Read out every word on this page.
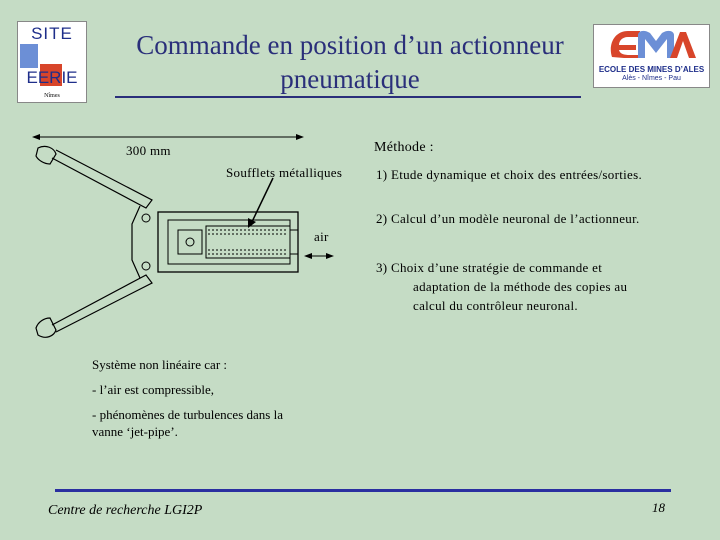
SITE
EERIE
Nîmes
Commande en position d’un actionneur pneumatique	ECOLE DES MINES D’ALES
Alès - Nîmes - Pau
300 mm
Soufflets métalliques
air
Méthode :
1) Etude dynamique et choix des entrées/sorties.
2) Calcul d’un modèle neuronal de l’actionneur.
3) Choix d’une stratégie de commande et
adaptation de la méthode des copies au
calcul du contrôleur neuronal.
Système non linéaire car :
- l’air est compressible,
- phénomènes de turbulences dans la
vanne ‘jet-pipe’.
Centre de recherche LGI2P	18
